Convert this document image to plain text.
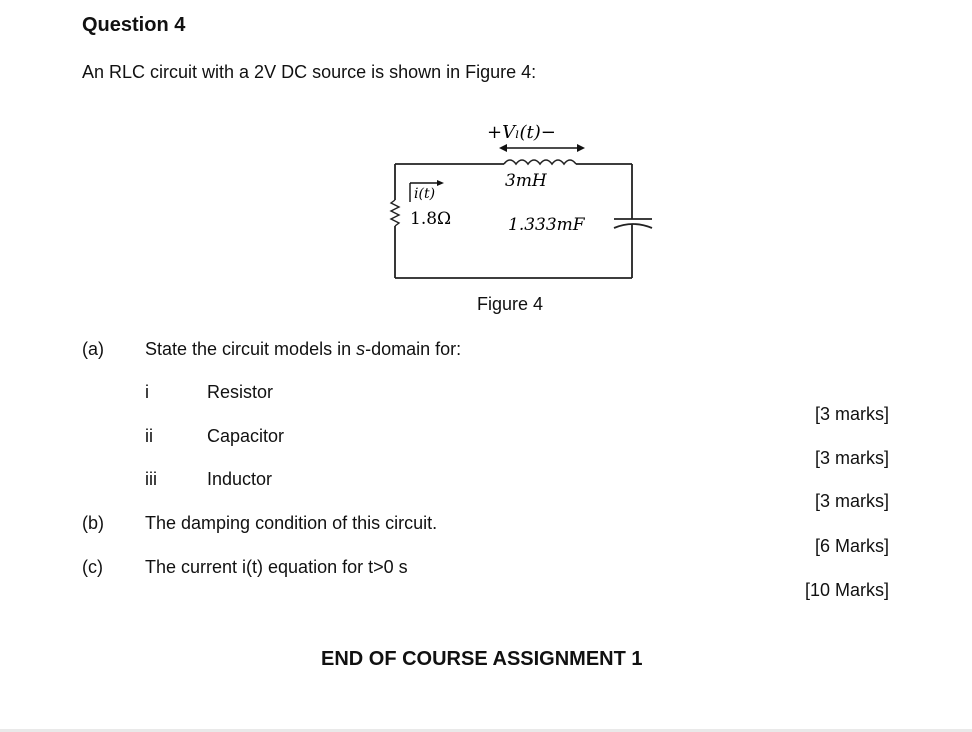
Question 4
An RLC circuit with a 2V DC source is shown in Figure 4:
+Vₗ(t)−
3mH
i(t)
1.8Ω	1.333mF
Figure 4
(a) State the circuit models in s-domain for:
i	Resistor
[3 marks]
ii	Capacitor
[3 marks]
iii	Inductor
[3 marks]
(b) The damping condition of this circuit.
[6 Marks]
(c) The current i(t) equation for t>0 s
[10 Marks]
END OF COURSE ASSIGNMENT 1
